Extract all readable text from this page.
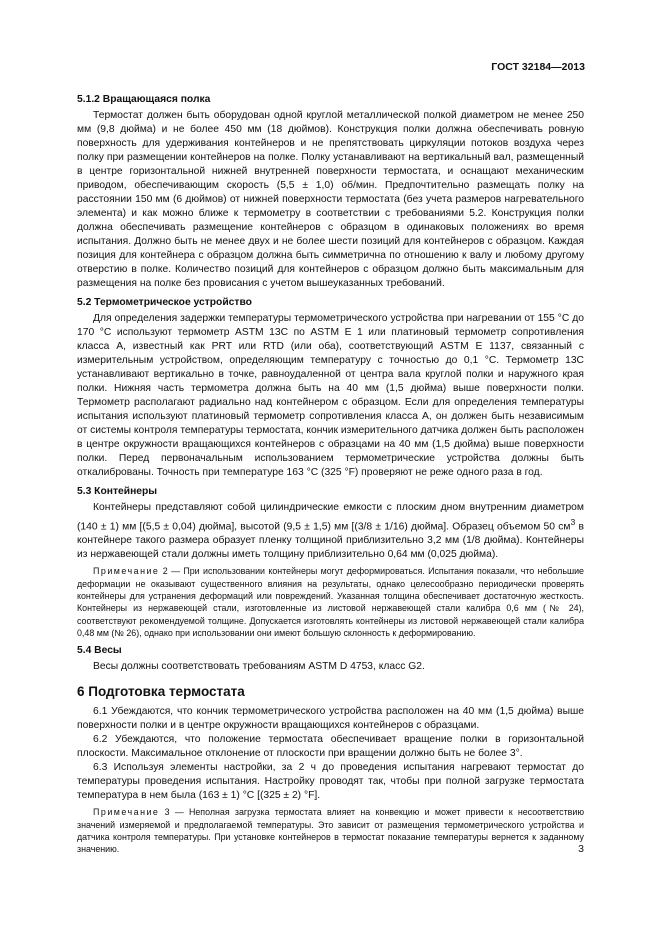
ГОСТ 32184—2013
5.1.2 Вращающаяся полка

Термостат должен быть оборудован одной круглой металлической полкой диаметром не менее 250 мм (9,8 дюйма) и не более 450 мм (18 дюймов). Конструкция полки должна обеспечивать ровную поверхность для удерживания контейнеров и не препятствовать циркуляции потоков воздуха через полку при размещении контейнеров на полке. Полку устанавливают на вертикальный вал, размещенный в центре горизонтальной нижней внутренней поверхности термостата, и оснащают механическим приводом, обеспечивающим скорость (5,5 ± 1,0) об/мин. Предпочтительно размещать полку на расстоянии 150 мм (6 дюймов) от нижней поверхности термостата (без учета размеров нагревательного элемента) и как можно ближе к термометру в соответствии с требованиями 5.2. Конструкция полки должна обеспечивать размещение контейнеров с образцом в одинаковых положениях во время испытания. Должно быть не менее двух и не более шести позиций для контейнеров с образцом. Каждая позиция для контейнера с образцом должна быть симметрична по отношению к валу и любому другому отверстию в полке. Количество позиций для контейнеров с образцом должно быть максимальным для размещения на полке без провисания с учетом вышеуказанных требований.

5.2 Термометрическое устройство

Для определения задержки температуры термометрического устройства при нагревании от 155 °С до 170 °С используют термометр ASTM 13C по ASTM E 1 или платиновый термометр сопротивления класса А, известный как PRT или RTD (или оба), соответствующий ASTM E 1137, связанный с измерительным устройством, определяющим температуру с точностью до 0,1 °С. Термометр 13C устанавливают вертикально в точке, равноудаленной от центра вала круглой полки и наружного края полки. Нижняя часть термометра должна быть на 40 мм (1,5 дюйма) выше поверхности полки. Термометр располагают радиально над контейнером с образцом. Если для определения температуры испытания используют платиновый термометр сопротивления класса А, он должен быть независимым от системы контроля температуры термостата, кончик измерительного датчика должен быть расположен в центре окружности вращающихся контейнеров с образцами на 40 мм (1,5 дюйма) выше поверхности полки. Перед первоначальным использованием термометрические устройства должны быть откалиброваны. Точность при температуре 163 °С (325 °F) проверяют не реже одного раза в год.

5.3 Контейнеры

Контейнеры представляют собой цилиндрические емкости с плоским дном внутренним диаметром (140 ± 1) мм [(5,5 ± 0,04) дюйма], высотой (9,5 ± 1,5) мм [(3/8 ± 1/16) дюйма]. Образец объемом 50 $см^3$ в контейнере такого размера образует пленку толщиной приблизительно 3,2 мм (1/8 дюйма). Контейнеры из нержавеющей стали должны иметь толщину приблизительно 0,64 мм (0,025 дюйма).

Примечание 2 — При использовании контейнеры могут деформироваться. Испытания показали, что небольшие деформации не оказывают существенного влияния на результаты, однако целесообразно периодически проверять контейнеры для устранения деформаций или повреждений. Указанная толщина обеспечивает достаточную жесткость. Контейнеры из нержавеющей стали, изготовленные из листовой нержавеющей стали калибра 0,6 мм (№ 24), соответствуют рекомендуемой толщине. Допускается изготовлять контейнеры из листовой нержавеющей стали калибра 0,48 мм (№ 26), однако при использовании они имеют большую склонность к деформированию.
5.4 Весы

Весы должны соответствовать требованиям ASTM D 4753, класс G2.

6 Подготовка термостата

6.1 Убеждаются, что кончик термометрического устройства расположен на 40 мм (1,5 дюйма) выше поверхности полки и в центре окружности вращающихся контейнеров с образцами.

6.2 Убеждаются, что положение термостата обеспечивает вращение полки в горизонтальной плоскости. Максимальное отклонение от плоскости при вращении должно быть не более 3°.

6.3 Используя элементы настройки, за 2 ч до проведения испытания нагревают термостат до температуры проведения испытания. Настройку проводят так, чтобы при полной загрузке термостата температура в нем была (163 ± 1) °С [(325 ± 2) °F].

Примечание 3 — Неполная загрузка термостата влияет на конвекцию и может привести к несоответствию значений измеряемой и предполагаемой температуры. Это зависит от размещения термометрического устройства и датчика контроля температуры. При установке контейнеров в термостат показание температуры вернется к заданному значению.	3
